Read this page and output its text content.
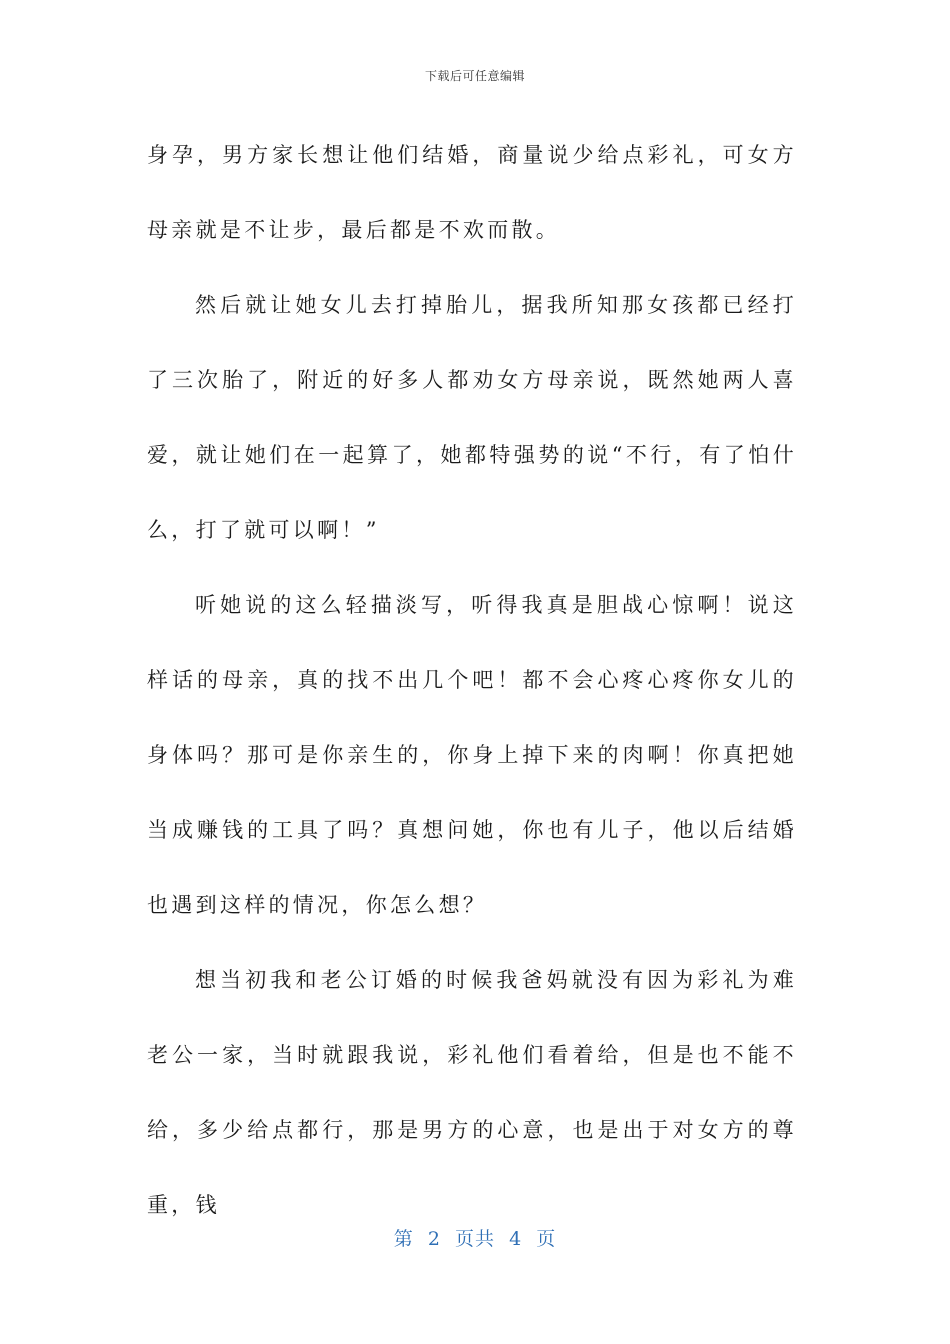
下载后可任意编辑

身孕，男方家长想让他们结婚，商量说少给点彩礼，可女方母亲就是不让步，最后都是不欢而散。

然后就让她女儿去打掉胎儿，据我所知那女孩都已经打了三次胎了，附近的好多人都劝女方母亲说，既然她两人喜爱，就让她们在一起算了，她都特强势的说“不行，有了怕什么，打了就可以啊！”

听她说的这么轻描淡写，听得我真是胆战心惊啊！说这样话的母亲，真的找不出几个吧！都不会心疼心疼你女儿的身体吗？那可是你亲生的，你身上掉下来的肉啊！你真把她当成赚钱的工具了吗？真想问她，你也有儿子，他以后结婚也遇到这样的情况，你怎么想？

想当初我和老公订婚的时候我爸妈就没有因为彩礼为难老公一家，当时就跟我说，彩礼他们看着给，但是也不能不给，多少给点都行，那是男方的心意，也是出于对女方的尊重，钱

第  2  页共  4  页
